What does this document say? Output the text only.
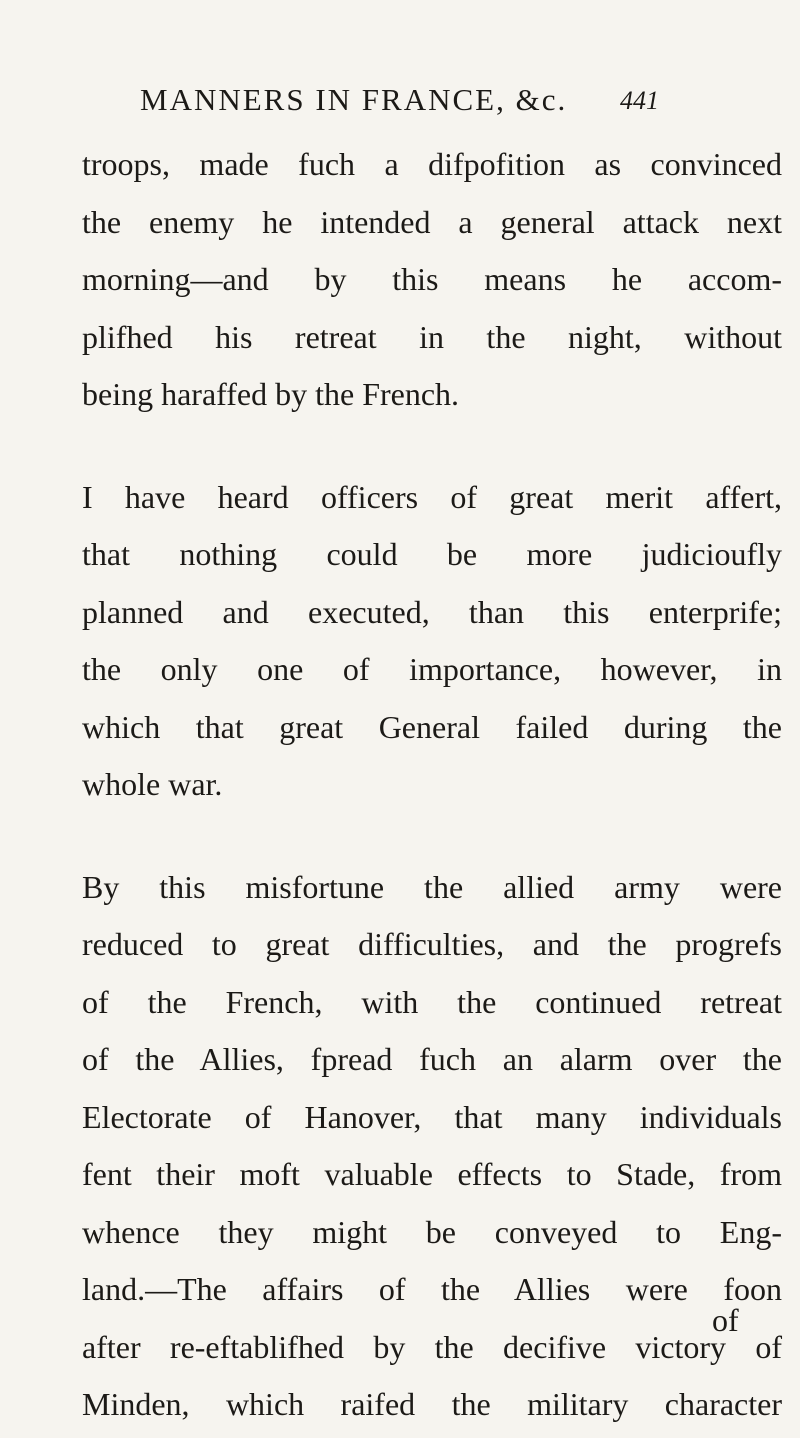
MANNERS IN FRANCE, &c. 441
troops, made fuch a difpofition as convinced
the enemy he intended a general attack next
morning—and by this means he accom-
plifhed his retreat in the night, without
being haraffed by the French.
I have heard officers of great merit affert,
that nothing could be more judicioufly
planned and executed, than this enterprife;
the only one of importance, however, in
which that great General failed during the
whole war.
By this misfortune the allied army were
reduced to great difficulties, and the progrefs
of the French, with the continued retreat
of the Allies, fpread fuch an alarm over the
Electorate of Hanover, that many individuals
fent their moft valuable effects to Stade, from
whence they might be conveyed to Eng-
land.—The affairs of the Allies were foon
after re-eftablifhed by the decifive victory of
Minden, which raifed the military character
of
